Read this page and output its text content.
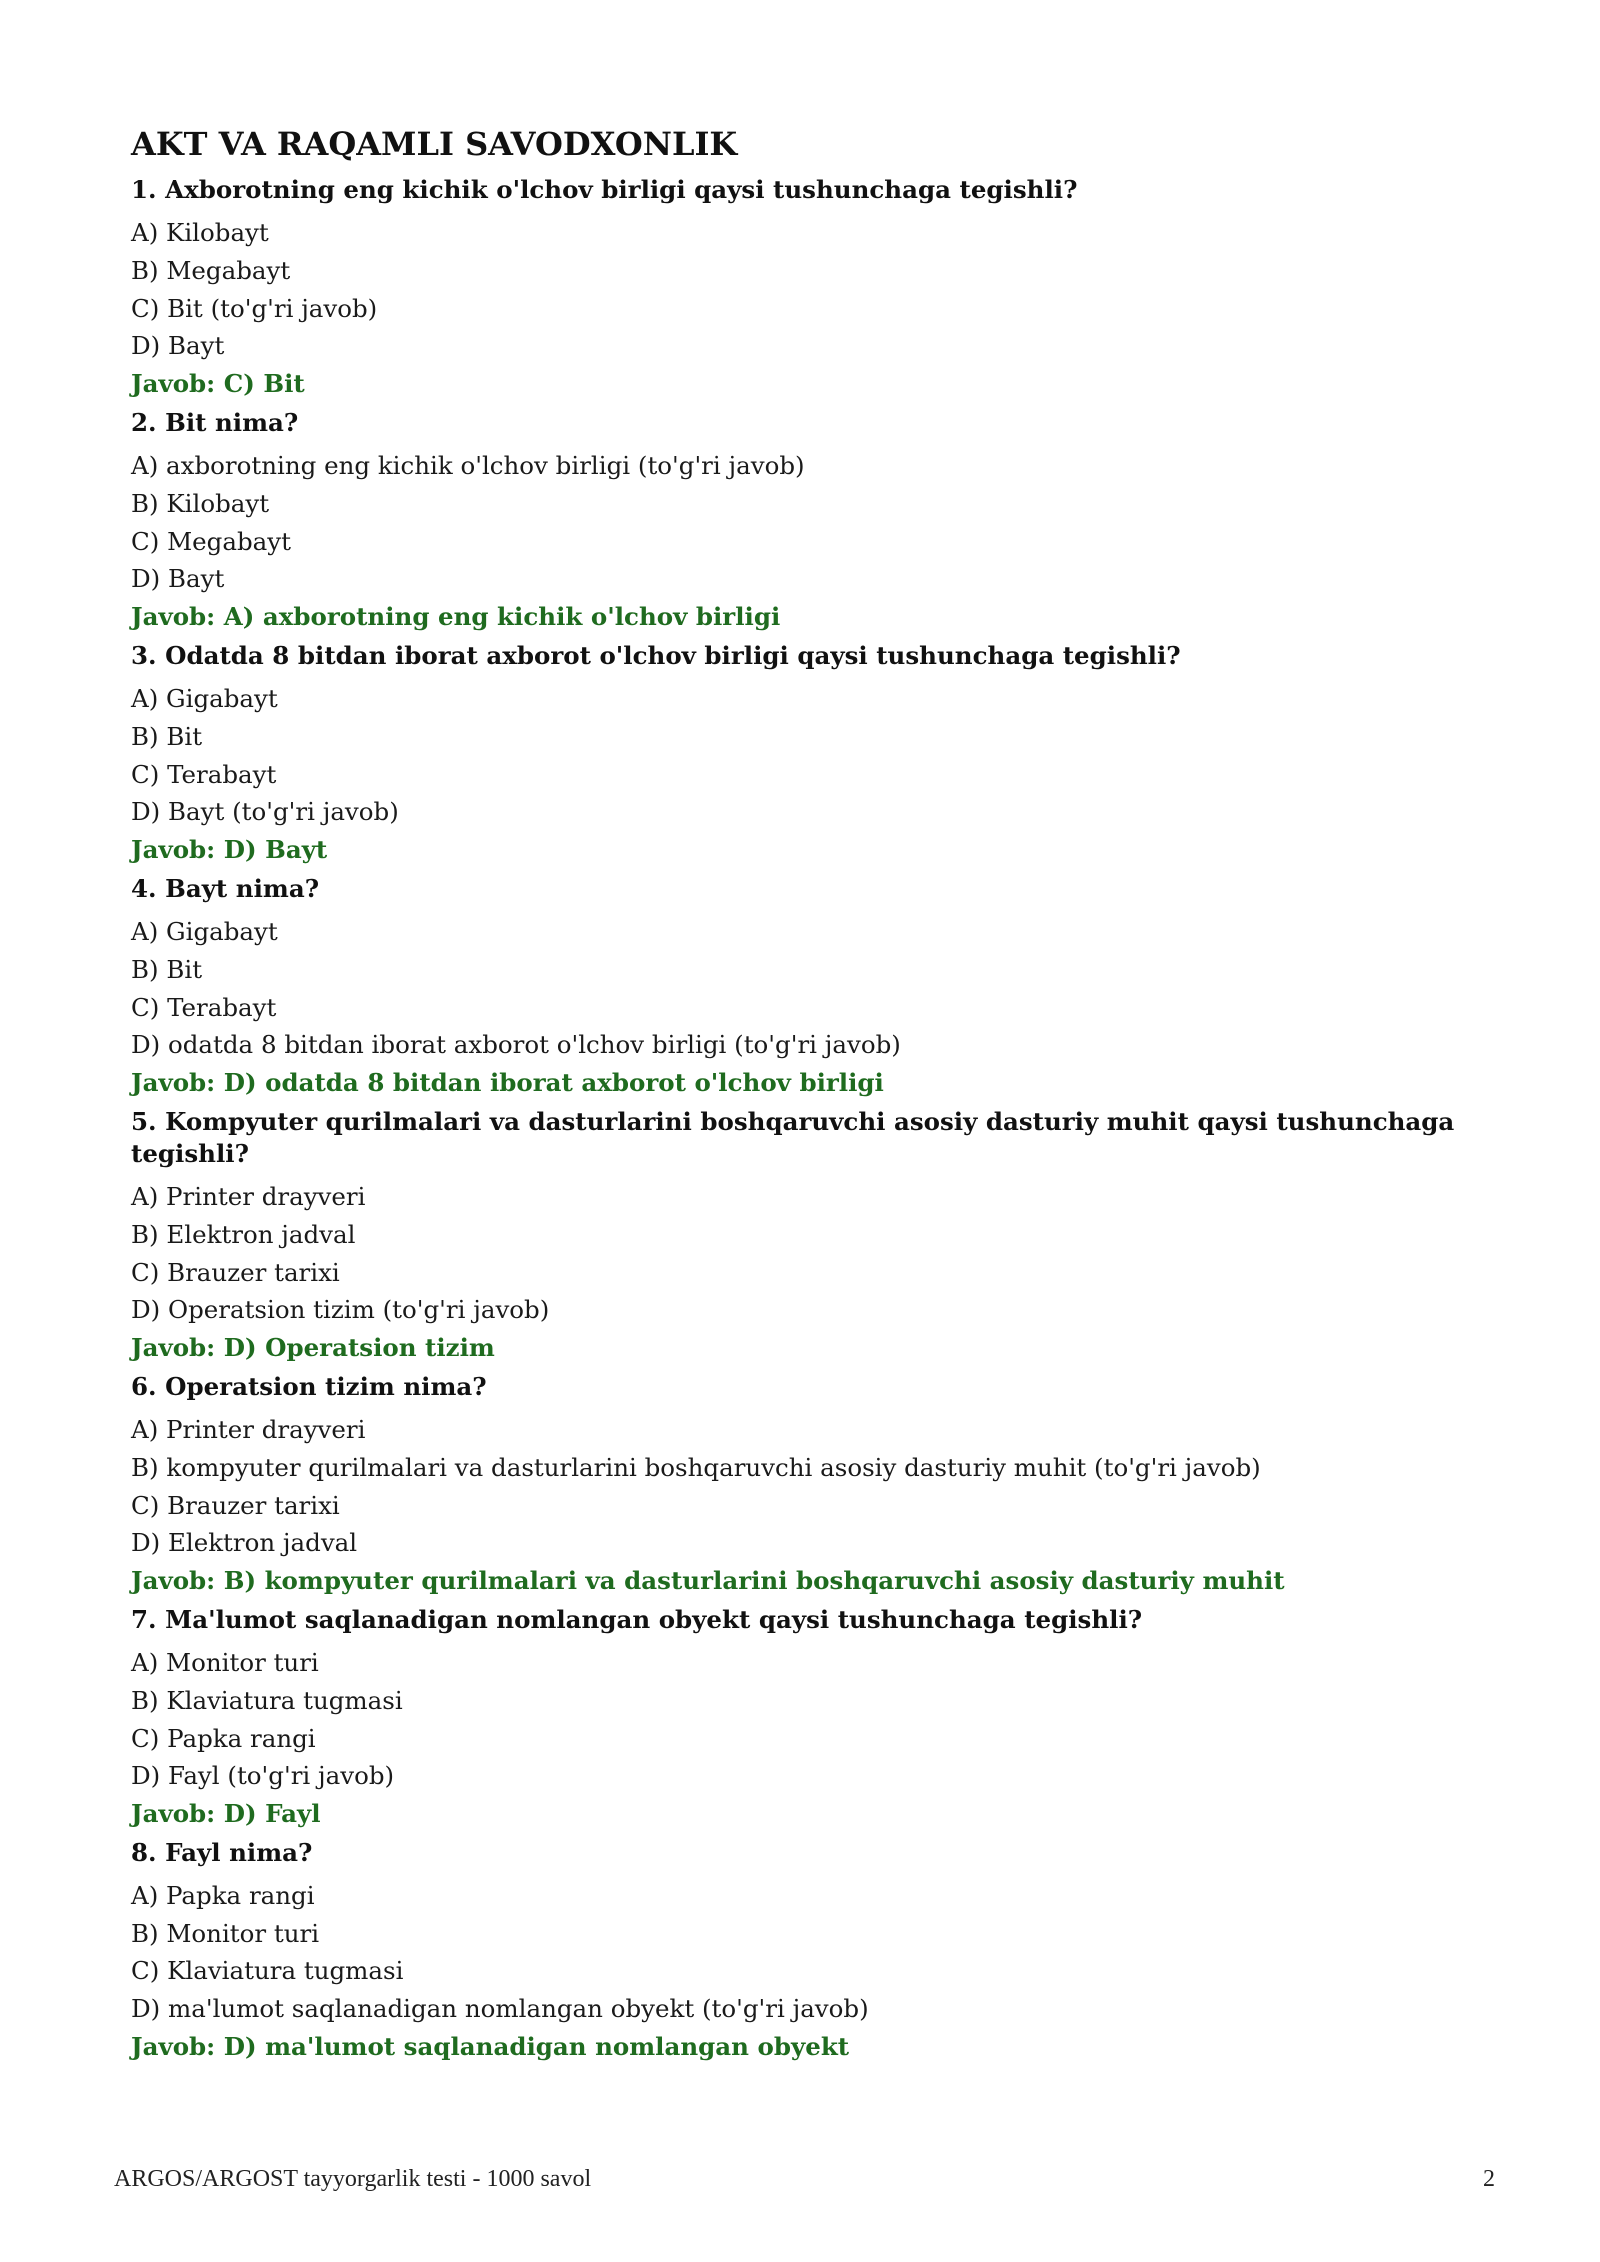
AKT VA RAQAMLI SAVODXONLIK
1. Axborotning eng kichik o'lchov birligi qaysi tushunchaga tegishli?
A) Kilobayt
B) Megabayt
C) Bit (to'g'ri javob)
D) Bayt
Javob: C) Bit
2. Bit nima?
A) axborotning eng kichik o'lchov birligi (to'g'ri javob)
B) Kilobayt
C) Megabayt
D) Bayt
Javob: A) axborotning eng kichik o'lchov birligi
3. Odatda 8 bitdan iborat axborot o'lchov birligi qaysi tushunchaga tegishli?
A) Gigabayt
B) Bit
C) Terabayt
D) Bayt (to'g'ri javob)
Javob: D) Bayt
4. Bayt nima?
A) Gigabayt
B) Bit
C) Terabayt
D) odatda 8 bitdan iborat axborot o'lchov birligi (to'g'ri javob)
Javob: D) odatda 8 bitdan iborat axborot o'lchov birligi
5. Kompyuter qurilmalari va dasturlarini boshqaruvchi asosiy dasturiy muhit qaysi tushunchaga tegishli?
A) Printer drayveri
B) Elektron jadval
C) Brauzer tarixi
D) Operatsion tizim (to'g'ri javob)
Javob: D) Operatsion tizim
6. Operatsion tizim nima?
A) Printer drayveri
B) kompyuter qurilmalari va dasturlarini boshqaruvchi asosiy dasturiy muhit (to'g'ri javob)
C) Brauzer tarixi
D) Elektron jadval
Javob: B) kompyuter qurilmalari va dasturlarini boshqaruvchi asosiy dasturiy muhit
7. Ma'lumot saqlanadigan nomlangan obyekt qaysi tushunchaga tegishli?
A) Monitor turi
B) Klaviatura tugmasi
C) Papka rangi
D) Fayl (to'g'ri javob)
Javob: D) Fayl
8. Fayl nima?
A) Papka rangi
B) Monitor turi
C) Klaviatura tugmasi
D) ma'lumot saqlanadigan nomlangan obyekt (to'g'ri javob)
Javob: D) ma'lumot saqlanadigan nomlangan obyekt
ARGOS/ARGOST tayyorgarlik testi - 1000 savol	2
